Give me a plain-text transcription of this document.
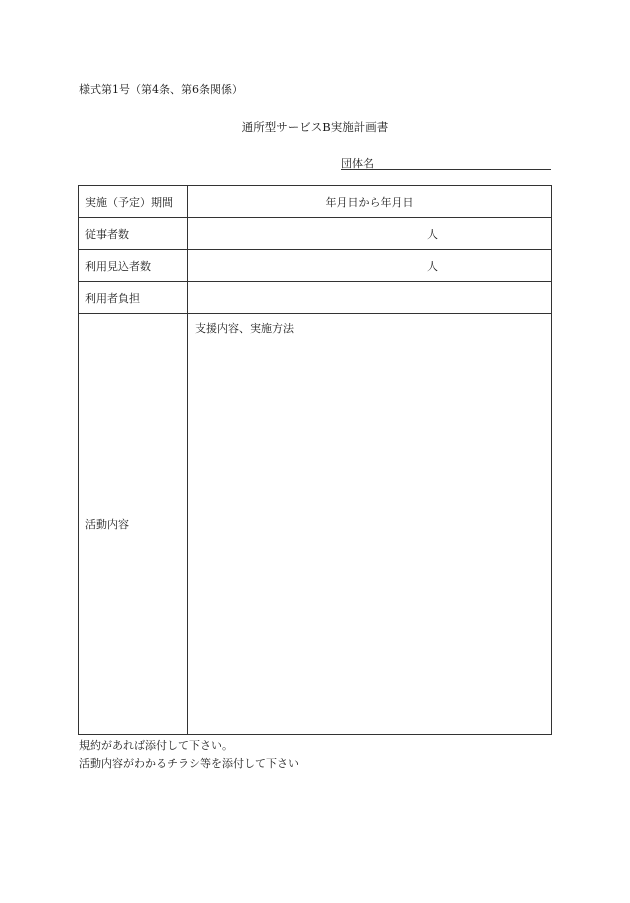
様式第1号（第4条、第6条関係）
通所型サービスB実施計画書
団体名
実施（予定）期間	年月日から年月日
従事者数	人
利用見込者数	人
利用者負担	
活動内容	支援内容、実施方法
規約があれば添付して下さい。
活動内容がわかるチラシ等を添付して下さい
